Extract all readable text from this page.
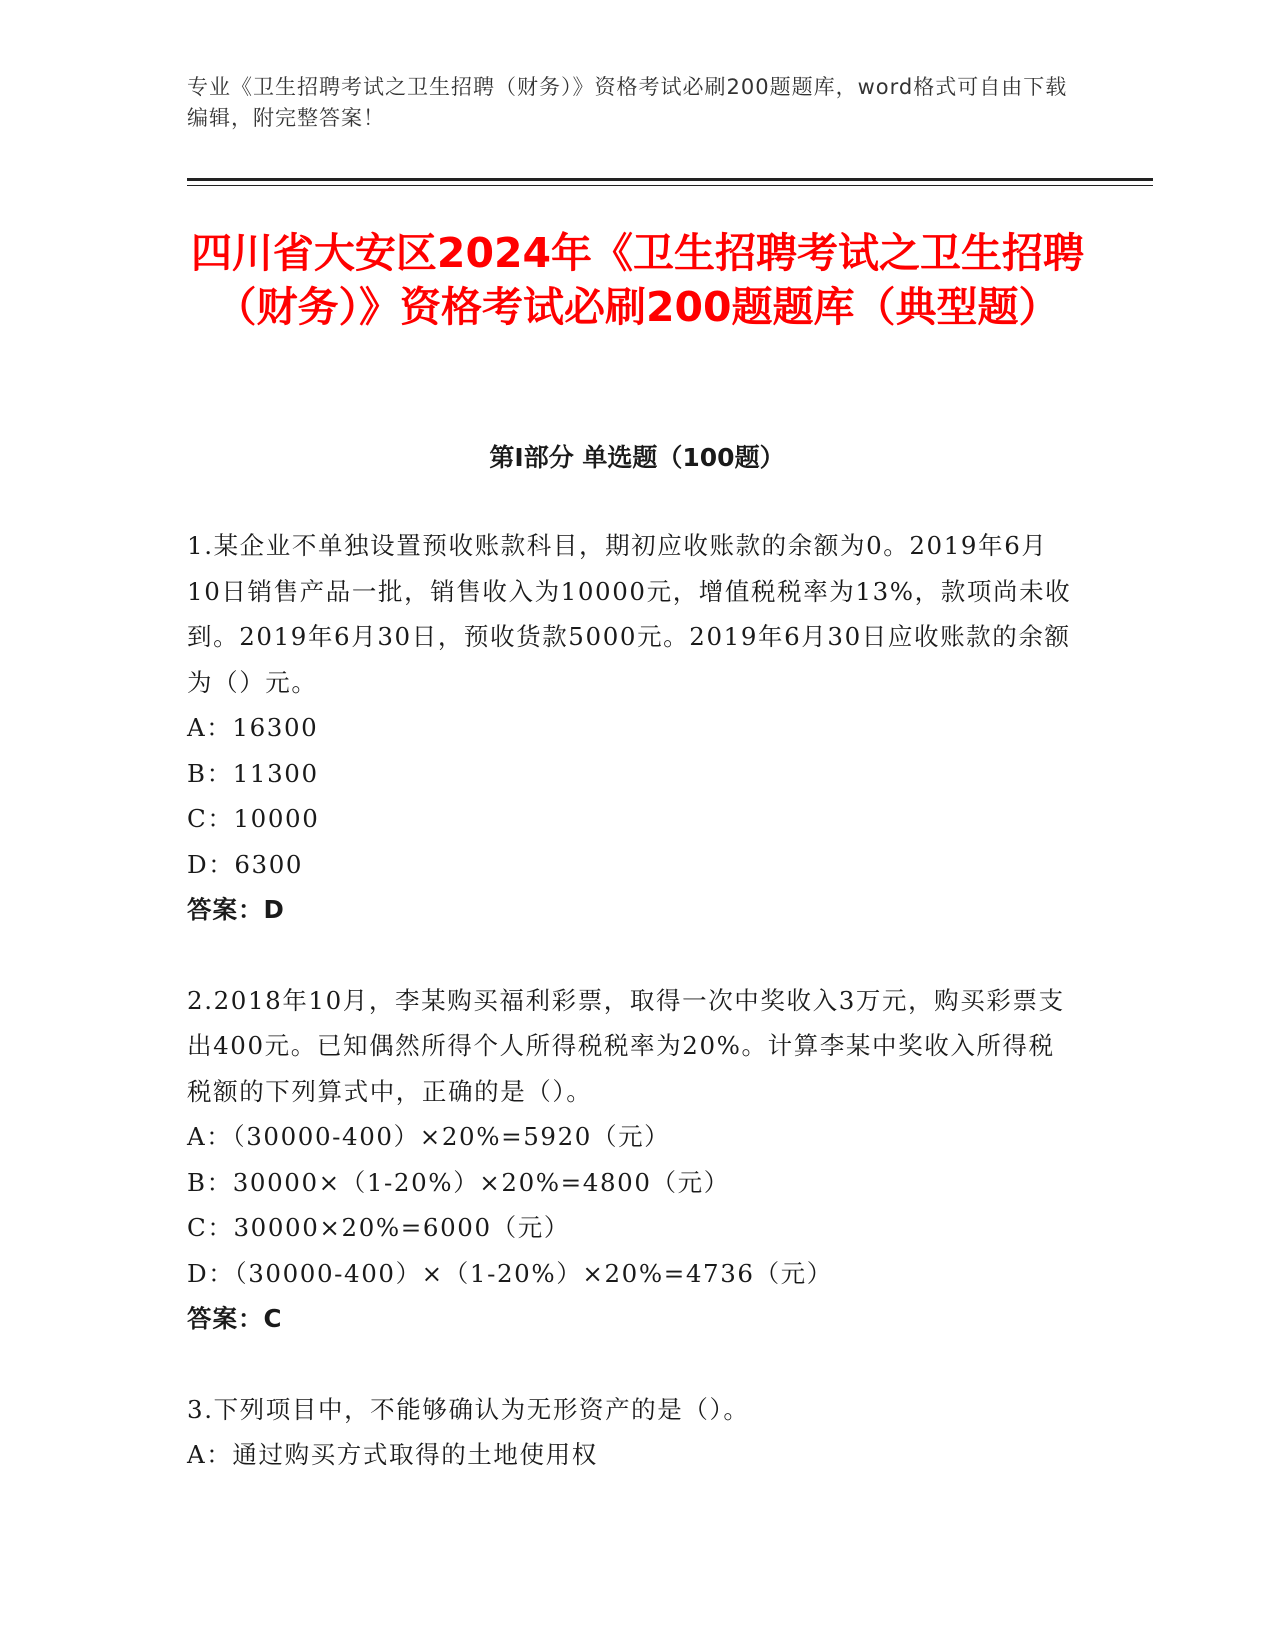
专业《卫生招聘考试之卫生招聘（财务）》资格考试必刷200题题库，word格式可自由下载编辑，附完整答案！
四川省大安区2024年《卫生招聘考试之卫生招聘（财务）》资格考试必刷200题题库（典型题）
第I部分 单选题（100题）

1.某企业不单独设置预收账款科目，期初应收账款的余额为0。2019年6月10日销售产品一批，销售收入为10000元，增值税税率为13%，款项尚未收到。2019年6月30日，预收货款5000元。2019年6月30日应收账款的余额为（）元。

A：16300

B：11300

C：10000

D：6300

答案：D

2.2018年10月，李某购买福利彩票，取得一次中奖收入3万元，购买彩票支出400元。已知偶然所得个人所得税税率为20%。计算李某中奖收入所得税税额的下列算式中，正确的是（）。

A：（30000-400）×20%=5920（元）

B：30000×（1-20%）×20%=4800（元）

C：30000×20%=6000（元）

D：（30000-400）×（1-20%）×20%=4736（元）

答案：C

3.下列项目中，不能够确认为无形资产的是（）。

A：通过购买方式取得的土地使用权
